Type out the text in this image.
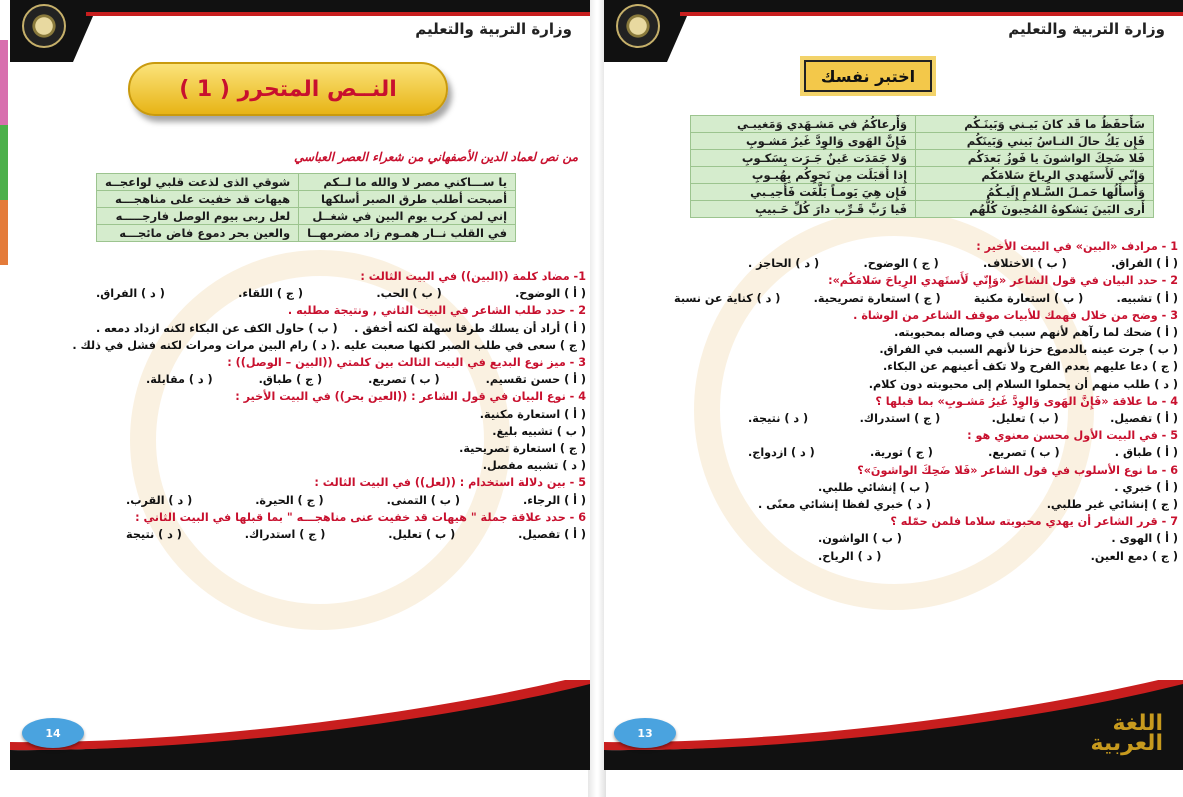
وزارة التربية والتعليم
النــص المتحرر ( 1 )
من نص لعماد الدين الأصفهاني من شعراء العصر العباسي
يا ســـاكني مصر لا والله ما لــكم	شوقي الذى لذعت قلبي لواعجــه
أصبحت أطلب طرق الصبر أسلكها	هيهات قد خفيت على مناهجـــه
إني لمن كرب يوم البين في شغــل	لعل ربى بيوم الوصل فارجـــــه
في القلب نــار همـوم زاد مضرمهــا	والعين بحر دموع فاض مائجـــه
1- مضاد كلمة ((البين)) في البيت الثالث :
( أ ) الوضوح.
( ب ) الحب.
( ج ) اللقاء.
( د ) الفراق.
2 - حدد طلب الشاعر في البيت الثاني , ونتيجة مطلبه .
( أ ) أراد أن يسلك طرقا سهلة لكنه أخفق .
( ب ) حاول الكف عن البكاء لكنه ازداد دمعه .
( ج ) سعى في طلب الصبر لكنها صعبت عليه .
( د ) رام البين مرات ومرات لكنه فشل في ذلك .
3 - ميز نوع البديع في البيت الثالث بين كلمتي ((البين – الوصل)) :
( أ ) حسن تقسيم.
( ب ) تصريع.
( ج ) طباق.
( د ) مقابلة.
4 - نوع البيان في قول الشاعر : ((العين بحر)) في البيت الأخير :
( أ ) استعارة مكنية.
( ب ) تشبيه بليغ.
( ج ) استعارة تصريحية.
( د ) تشبيه مفصل.
5 - بين دلالة استخدام : ((لعل)) في البيت الثالث :
( أ ) الرجاء.
( ب ) التمنى.
( ج ) الحيرة.
( د ) القرب.
6 - حدد علاقة جملة " هيهات قد خفيت عنى مناهجـــه " بما قبلها في البيت الثاني :
( أ ) تفصيل.
( ب ) تعليل.
( ج ) استدراك.
( د ) نتيجة
14
وزارة التربية والتعليم
اختبر نفسك
سَأَحفَظُ ما قَد كانَ بَيـني وَبَينَـكُم	وَأَرعاكُمُ في مَشـهَدي وَمَغيبـي
فَإِن يَكُ حالَ النـاسُ بَيني وَبَينَكُم	فَإِنَّ الهَوى وَالوِدَّ غَيرُ مَشـوبِ
فَلا ضَحِكَ الواشونَ يا فَوزُ بَعدَكُم	وَلا جَمَدَت عَينٌ جَـرَت بِسَكـوبِ
وَإِنّي لَأَستَهدي الرِياحَ سَلامَكُم	إِذا أَقبَلَت مِن نَحوِكُم بِهُبـوبِ
وَأَسأَلُها حَمـلَ السَّـلامِ إِلَيـكُمُ	فَإِن هِيَ يَومـاً بَلَّغَت فَأَجيـبي
أَرى البَينَ يَشكوهُ المُحِبونَ كُلُّهُم	فَيا رَبِّ قَـرِّب دارَ كُلِّ حَـبيبِ
1 - مرادف «البين» في البيت الأخير :
( أ ) الفراق.
( ب ) الاختلاف.
( ج ) الوضوح.
( د ) الحاجز .
2 - حدد البيان في قول الشاعر «وَإِنّي لَأَستَهدي الرِياحَ سَلامَكُم»:
( أ ) تشبيه.
( ب ) استعارة مكنية
( ج ) استعارة تصريحية.
( د ) كناية عن نسبة
3 - وضح من خلال فهمك للأبيات موقف الشاعر من الوشاة .
( أ ) ضحك لما رآهم لأنهم سبب في وصاله بمحبوبته.
( ب ) جرت عينه بالدموع حزنا لأنهم السبب في الفراق.
( ج ) دعا عليهم بعدم الفرح ولا تكف أعينهم عن البكاء.
( د ) طلب منهم أن يحملوا السلام إلى محبوبته دون كلام.
4 - ما علاقة «فَإِنَّ الهَوى وَالوِدَّ غَيرُ مَشـوبِ» بما قبلها ؟
( أ ) تفصيل.
( ب ) تعليل.
( ج ) استدراك.
( د ) نتيجة.
5 - في البيت الأول محسن معنوي هو :
( أ ) طباق .
( ب ) تصريع.
( ج ) تورية.
( د ) ازدواج.
6 - ما نوع الأسلوب في قول الشاعر «فَلا ضَحِكَ الواشونَ»؟
( أ ) خبري .
( ب ) إنشائي طلبي.
( ج ) إنشائي غير طلبي.
( د ) خبري لفظا إنشائي معنًى .
7 - قرر الشاعر أن يهدي محبوبته سلاما فلمن حمّله ؟
( أ ) الهوى .
( ب ) الواشون.
( ج ) دمع العين.
( د ) الرياح.
13	اللغة العربية
